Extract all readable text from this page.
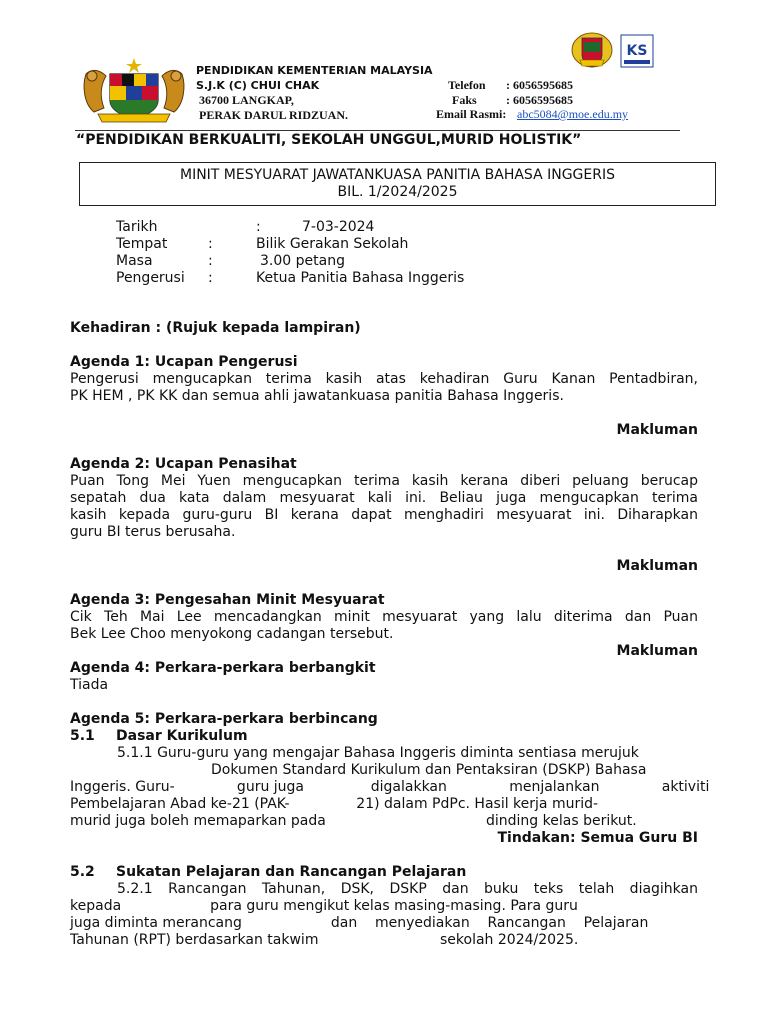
PENDIDIKAN KEMENTERIAN MALAYSIA
S.J.K (C) CHUI CHAK
36700 LANGKAP,
PERAK DARUL RIDZUAN.
Telefon : 6056595685
Faks : 6056595685
Email Rasmi: abc5084@moe.edu.my
KS
“PENDIDIKAN BERKUALITI, SEKOLAH UNGGUL,MURID HOLISTIK”
MINIT MESYUARAT JAWATANKUASA PANITIA BAHASA INGGERIS
BIL. 1/2024/2025
Tarikh	:	7-03-2024
Tempat	:	Bilik Gerakan Sekolah
Masa	:	3.00 petang
Pengerusi :	Ketua Panitia Bahasa Inggeris
Kehadiran : (Rujuk kepada lampiran)
Agenda 1: Ucapan Pengerusi
Pengerusi mengucapkan terima kasih atas kehadiran Guru Kanan Pentadbiran,
PK HEM , PK KK dan semua ahli jawatankuasa panitia Bahasa Inggeris.
Makluman
Agenda 2: Ucapan Penasihat
Puan Tong Mei Yuen mengucapkan terima kasih kerana diberi peluang berucap
sepatah dua kata dalam mesyuarat kali ini. Beliau juga mengucapkan terima
kasih kepada guru-guru BI kerana dapat menghadiri mesyuarat ini. Diharapkan
guru BI terus berusaha.
Makluman
Agenda 3: Pengesahan Minit Mesyuarat
Cik Teh Mai Lee mencadangkan minit mesyuarat yang lalu diterima dan Puan
Bek Lee Choo menyokong cadangan tersebut.
Makluman
Agenda 4: Perkara-perkara berbangkit
Tiada
Agenda 5: Perkara-perkara berbincang
5.1 Dasar Kurikulum
5.1.1 Guru-guru yang mengajar Bahasa Inggeris diminta sentiasa merujuk
Dokumen Standard Kurikulum dan Pentaksiran (DSKP) Bahasa
Inggeris. Guru-              guru juga               digalakkan              menjalankan              aktiviti
Pembelajaran Abad ke-21 (PAK-               21) dalam PdPc. Hasil kerja murid-
murid juga boleh memaparkan pada	dinding kelas berikut.
Tindakan: Semua Guru BI
5.2 Sukatan Pelajaran dan Rancangan Pelajaran
5.2.1 Rancangan Tahunan, DSK, DSKP dan buku teks telah diagihkan
kepada                    para guru mengikut kelas masing-masing. Para guru
juga diminta merancang                    dan    menyediakan    Rancangan    Pelajaran
Tahunan (RPT) berdasarkan takwim	sekolah 2024/2025.
